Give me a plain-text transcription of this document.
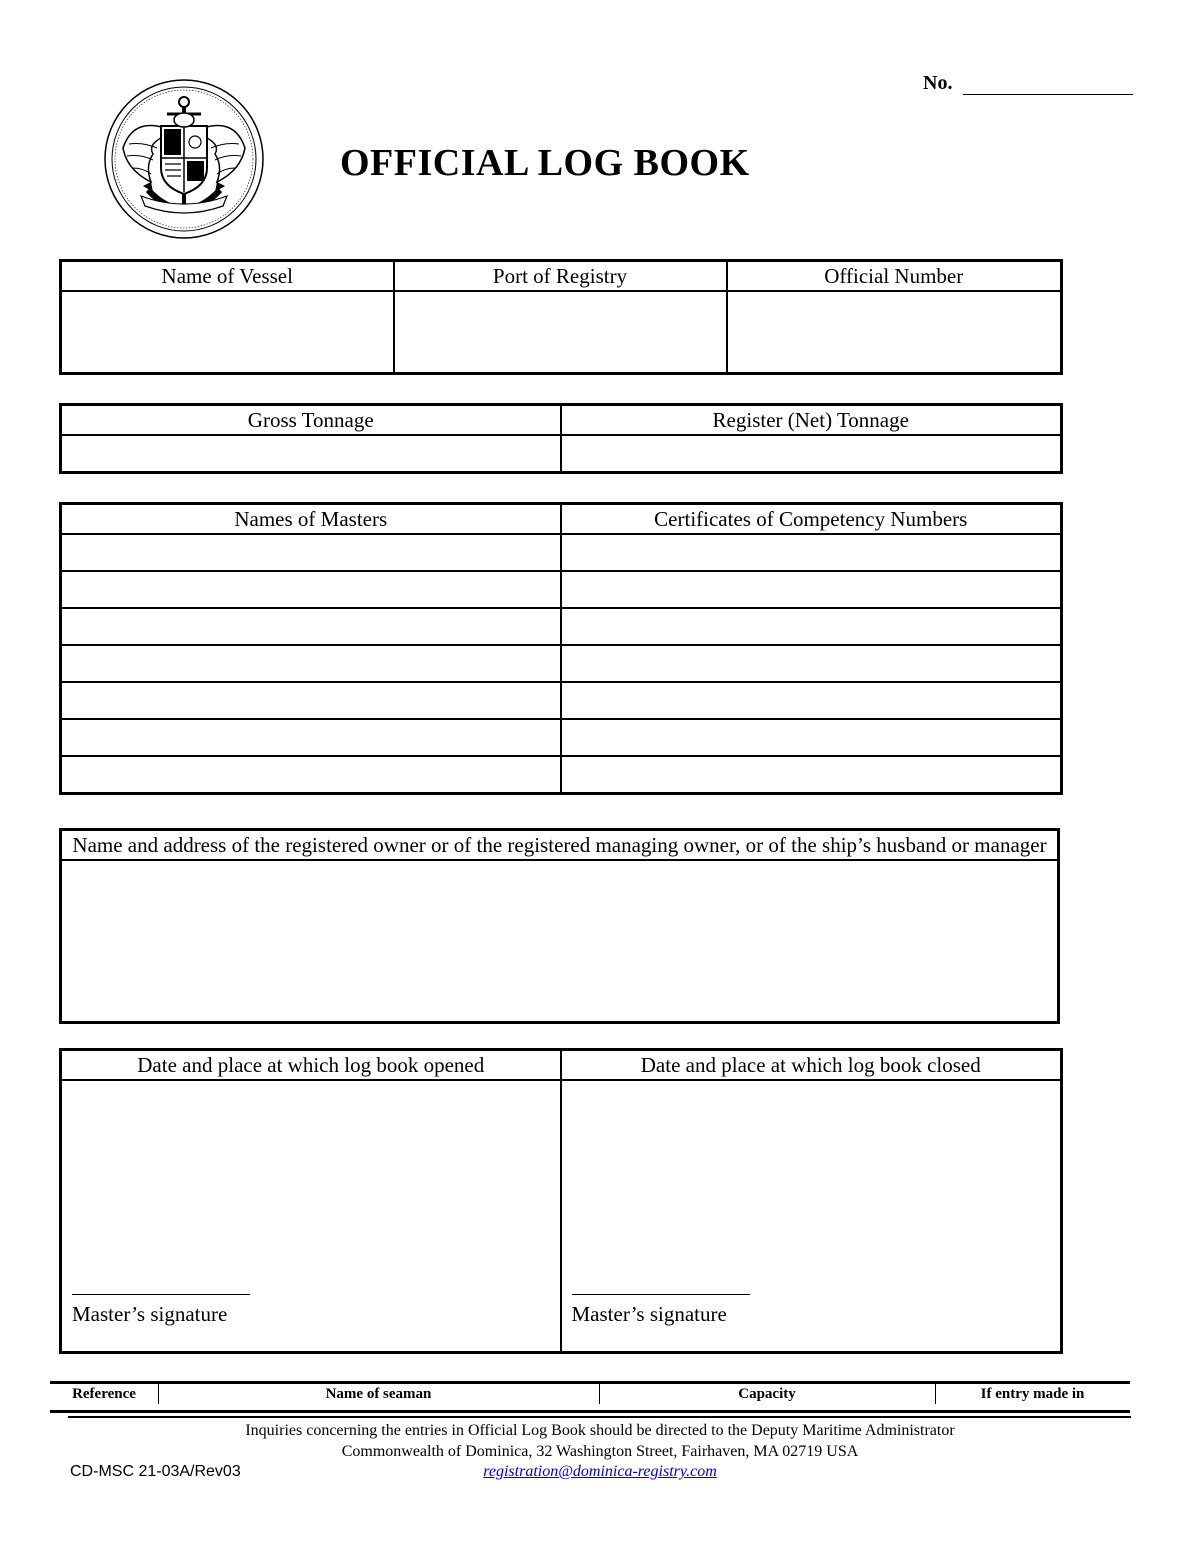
No.
OFFICIAL LOG BOOK
Name of Vessel	Port of Registry	Official Number

Gross Tonnage	Register (Net) Tonnage

Names of Masters	Certificates of Competency Numbers

Name and address of the registered owner or of the registered managing owner, or of the ship’s husband or manager

Date and place at which log book opened	Date and place at which log book closed

Master’s signature	Master’s signature
Reference	Name of seaman	Capacity	If entry made in
Inquiries concerning the entries in Official Log Book should be directed to the Deputy Maritime Administrator
Commonwealth of Dominica, 32 Washington Street, Fairhaven, MA 02719 USA
registration@dominica-registry.com
CD-MSC 21-03A/Rev03
